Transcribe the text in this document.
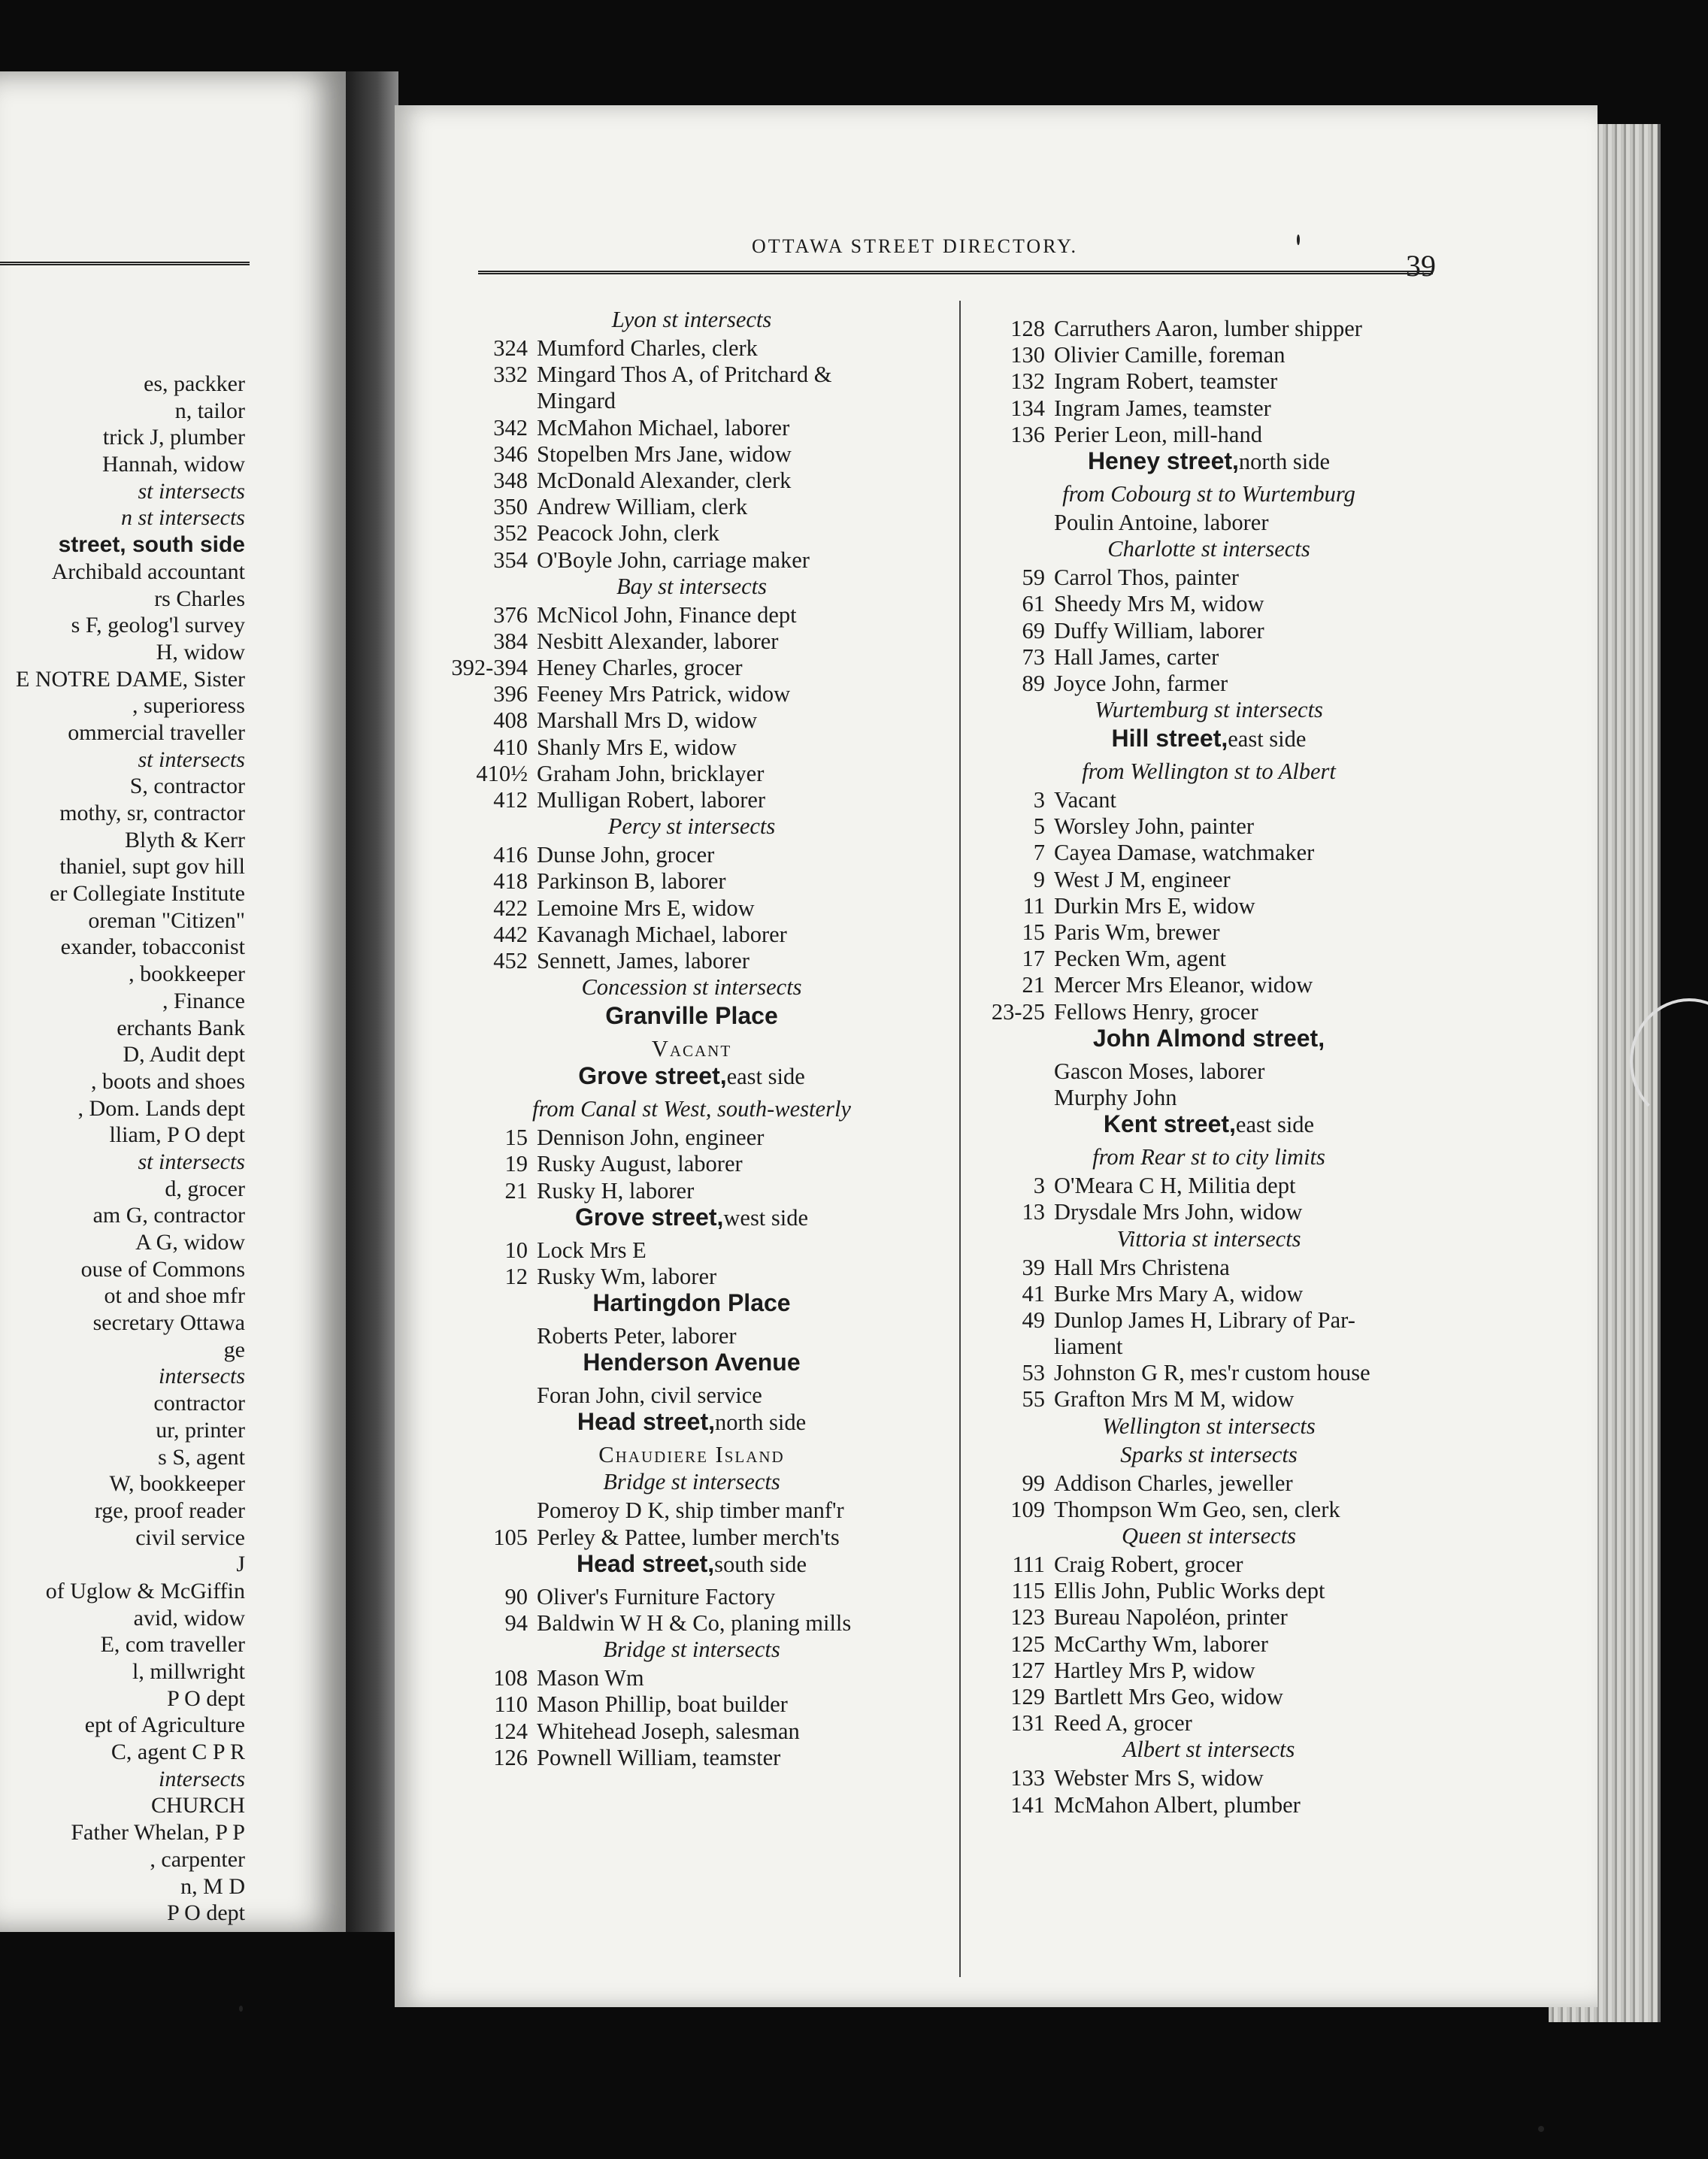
es, packker
n, tailor
trick J, plumber
Hannah, widow
st intersects
n st intersects
street, south side
Archibald accountant
rs Charles
s F, geolog'l survey
H, widow
E NOTRE DAME, Sister
, superioress
ommercial traveller
st intersects
S, contractor
mothy, sr, contractor
Blyth & Kerr
thaniel, supt gov hill
er Collegiate Institute
oreman "Citizen"
exander, tobacconist
, bookkeeper
, Finance
erchants Bank
D, Audit dept
, boots and shoes
, Dom. Lands dept
lliam, P O dept
st intersects
d, grocer
am G, contractor
A G, widow
ouse of Commons
ot and shoe mfr
secretary Ottawa
ge
intersects
contractor
ur, printer
s S, agent
W, bookkeeper
rge, proof reader
civil service
J
of Uglow & McGiffin
avid, widow
E, com traveller
l, millwright
P O dept
ept of Agriculture
C, agent C P R
intersects
CHURCH
Father Whelan, P P
, carpenter
n, M D
P O dept
OTTAWA STREET DIRECTORY.
39
Lyon st intersects
324 Mumford Charles, clerk
332 Mingard Thos A, of Pritchard &
Mingard
342 McMahon Michael, laborer
346 Stopelben Mrs Jane, widow
348 McDonald Alexander, clerk
350 Andrew William, clerk
352 Peacock John, clerk
354 O'Boyle John, carriage maker
Bay st intersects
376 McNicol John, Finance dept
384 Nesbitt Alexander, laborer
392-394 Heney Charles, grocer
396 Feeney Mrs Patrick, widow
408 Marshall Mrs D, widow
410 Shanly Mrs E, widow
410½ Graham John, bricklayer
412 Mulligan Robert, laborer
Percy st intersects
416 Dunse John, grocer
418 Parkinson B, laborer
422 Lemoine Mrs E, widow
442 Kavanagh Michael, laborer
452 Sennett, James, laborer
Concession st intersects
Granville Place
Vacant
Grove street, east side
from Canal st West, south-westerly
15 Dennison John, engineer
19 Rusky August, laborer
21 Rusky H, laborer
Grove street, west side
10 Lock Mrs E
12 Rusky Wm, laborer
Hartingdon Place
Roberts Peter, laborer
Henderson Avenue
Foran John, civil service
Head street, north side
Chaudiere Island
Bridge st intersects
Pomeroy D K, ship timber manf'r
105 Perley & Pattee, lumber merch'ts
Head street, south side
90 Oliver's Furniture Factory
94 Baldwin W H & Co, planing mills
Bridge st intersects
108 Mason Wm
110 Mason Phillip, boat builder
124 Whitehead Joseph, salesman
126 Pownell William, teamster
128 Carruthers Aaron, lumber shipper
130 Olivier Camille, foreman
132 Ingram Robert, teamster
134 Ingram James, teamster
136 Perier Leon, mill-hand
Heney street, north side
from Cobourg st to Wurtemburg
Poulin Antoine, laborer
Charlotte st intersects
59 Carrol Thos, painter
61 Sheedy Mrs M, widow
69 Duffy William, laborer
73 Hall James, carter
89 Joyce John, farmer
Wurtemburg st intersects
Hill street, east side
from Wellington st to Albert
3 Vacant
5 Worsley John, painter
7 Cayea Damase, watchmaker
9 West J M, engineer
11 Durkin Mrs E, widow
15 Paris Wm, brewer
17 Pecken Wm, agent
21 Mercer Mrs Eleanor, widow
23-25 Fellows Henry, grocer
John Almond street,
Gascon Moses, laborer
Murphy John
Kent street, east side
from Rear st to city limits
3 O'Meara C H, Militia dept
13 Drysdale Mrs John, widow
Vittoria st intersects
39 Hall Mrs Christena
41 Burke Mrs Mary A, widow
49 Dunlop James H, Library of Par-
liament
53 Johnston G R, mes'r custom house
55 Grafton Mrs M M, widow
Wellington st intersects
Sparks st intersects
99 Addison Charles, jeweller
109 Thompson Wm Geo, sen, clerk
Queen st intersects
111 Craig Robert, grocer
115 Ellis John, Public Works dept
123 Bureau Napoléon, printer
125 McCarthy Wm, laborer
127 Hartley Mrs P, widow
129 Bartlett Mrs Geo, widow
131 Reed A, grocer
Albert st intersects
133 Webster Mrs S, widow
141 McMahon Albert, plumber
